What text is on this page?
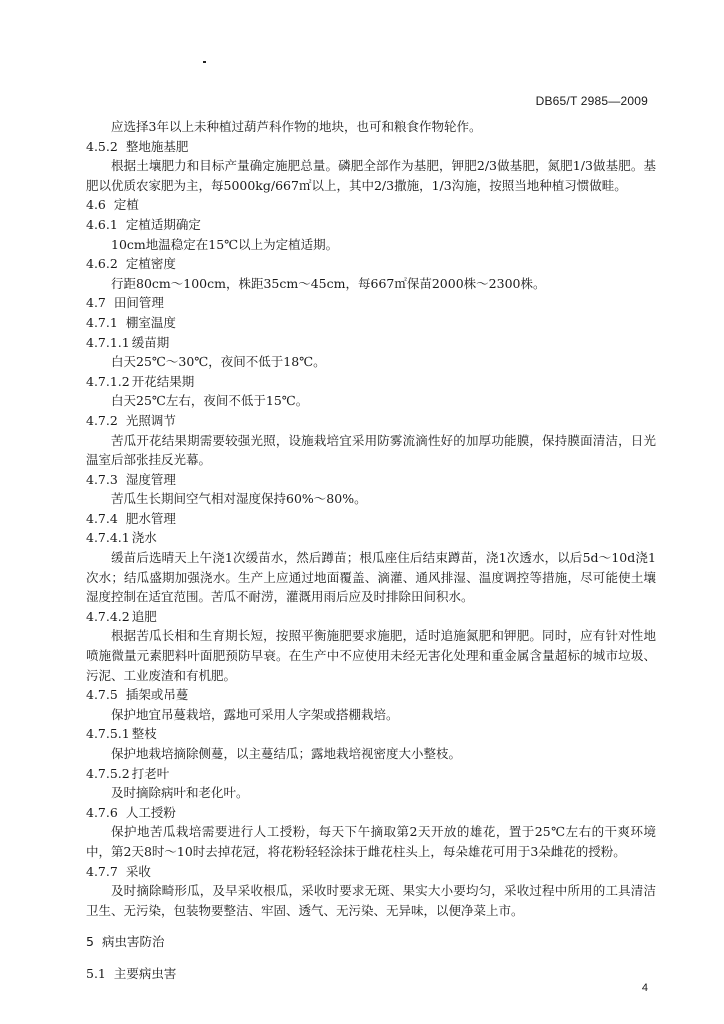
DB65/T 2985—2009

应选择3年以上未种植过葫芦科作物的地块，也可和粮食作物轮作。

4.5.2 整地施基肥

根据土壤肥力和目标产量确定施肥总量。磷肥全部作为基肥，钾肥2/3做基肥，氮肥1/3做基肥。基肥以优质农家肥为主，每5000kg/667㎡以上，其中2/3撒施，1/3沟施，按照当地种植习惯做畦。

4.6 定植

4.6.1 定植适期确定

10cm地温稳定在15℃以上为定植适期。

4.6.2 定植密度

行距80cm～100cm，株距35cm～45cm，每667㎡保苗2000株～2300株。

4.7 田间管理

4.7.1 棚室温度

4.7.1.1 缓苗期

白天25℃～30℃，夜间不低于18℃。

4.7.1.2 开花结果期

白天25℃左右，夜间不低于15℃。

4.7.2 光照调节

苦瓜开花结果期需要较强光照，设施栽培宜采用防雾流滴性好的加厚功能膜，保持膜面清洁，日光温室后部张挂反光幕。

4.7.3 湿度管理

苦瓜生长期间空气相对湿度保持60%～80%。

4.7.4 肥水管理

4.7.4.1 浇水

缓苗后选晴天上午浇1次缓苗水，然后蹲苗；根瓜座住后结束蹲苗，浇1次透水，以后5d～10d浇1次水；结瓜盛期加强浇水。生产上应通过地面覆盖、滴灌、通风排湿、温度调控等措施，尽可能使土壤湿度控制在适宜范围。苦瓜不耐涝，灌溉用雨后应及时排除田间积水。

4.7.4.2 追肥

根据苦瓜长相和生育期长短，按照平衡施肥要求施肥，适时追施氮肥和钾肥。同时，应有针对性地喷施微量元素肥料叶面肥预防早衰。在生产中不应使用未经无害化处理和重金属含量超标的城市垃圾、污泥、工业废渣和有机肥。

4.7.5 插架或吊蔓

保护地宜吊蔓栽培，露地可采用人字架或搭棚栽培。

4.7.5.1 整枝

保护地栽培摘除侧蔓，以主蔓结瓜；露地栽培视密度大小整枝。

4.7.5.2 打老叶

及时摘除病叶和老化叶。

4.7.6 人工授粉

保护地苦瓜栽培需要进行人工授粉，每天下午摘取第2天开放的雄花，置于25℃左右的干爽环境中，第2天8时～10时去掉花冠，将花粉轻轻涂抹于雌花柱头上，每朵雄花可用于3朵雌花的授粉。

4.7.7 采收

及时摘除畸形瓜，及早采收根瓜，采收时要求无斑、果实大小要均匀，采收过程中所用的工具清洁卫生、无污染，包装物要整洁、牢固、透气、无污染、无异味，以便净菜上市。

5 病虫害防治

5.1 主要病虫害

4
